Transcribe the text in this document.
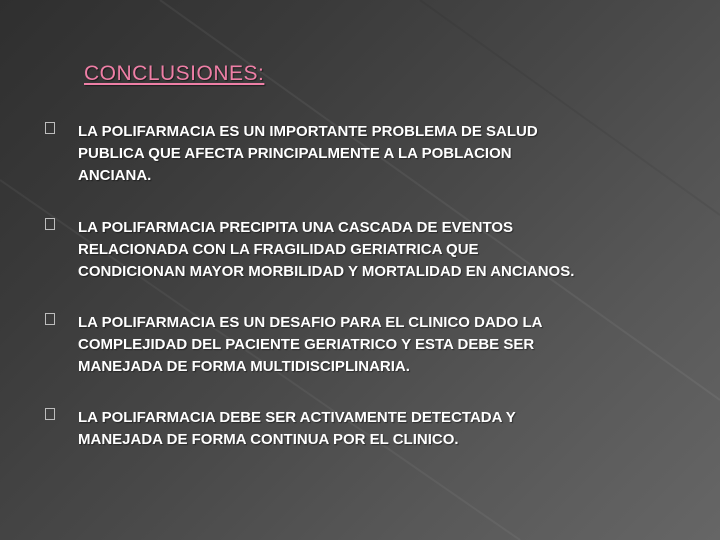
CONCLUSIONES:
LA POLIFARMACIA ES UN IMPORTANTE PROBLEMA DE SALUD
PUBLICA QUE AFECTA PRINCIPALMENTE A LA POBLACION
ANCIANA.
LA POLIFARMACIA PRECIPITA UNA CASCADA DE EVENTOS
RELACIONADA CON LA FRAGILIDAD GERIATRICA QUE
CONDICIONAN MAYOR MORBILIDAD Y MORTALIDAD EN ANCIANOS.
LA POLIFARMACIA ES UN DESAFIO PARA EL CLINICO DADO LA
COMPLEJIDAD DEL PACIENTE GERIATRICO Y ESTA DEBE SER
MANEJADA DE FORMA MULTIDISCIPLINARIA.
LA POLIFARMACIA DEBE SER ACTIVAMENTE DETECTADA Y
MANEJADA DE FORMA CONTINUA POR EL CLINICO.
